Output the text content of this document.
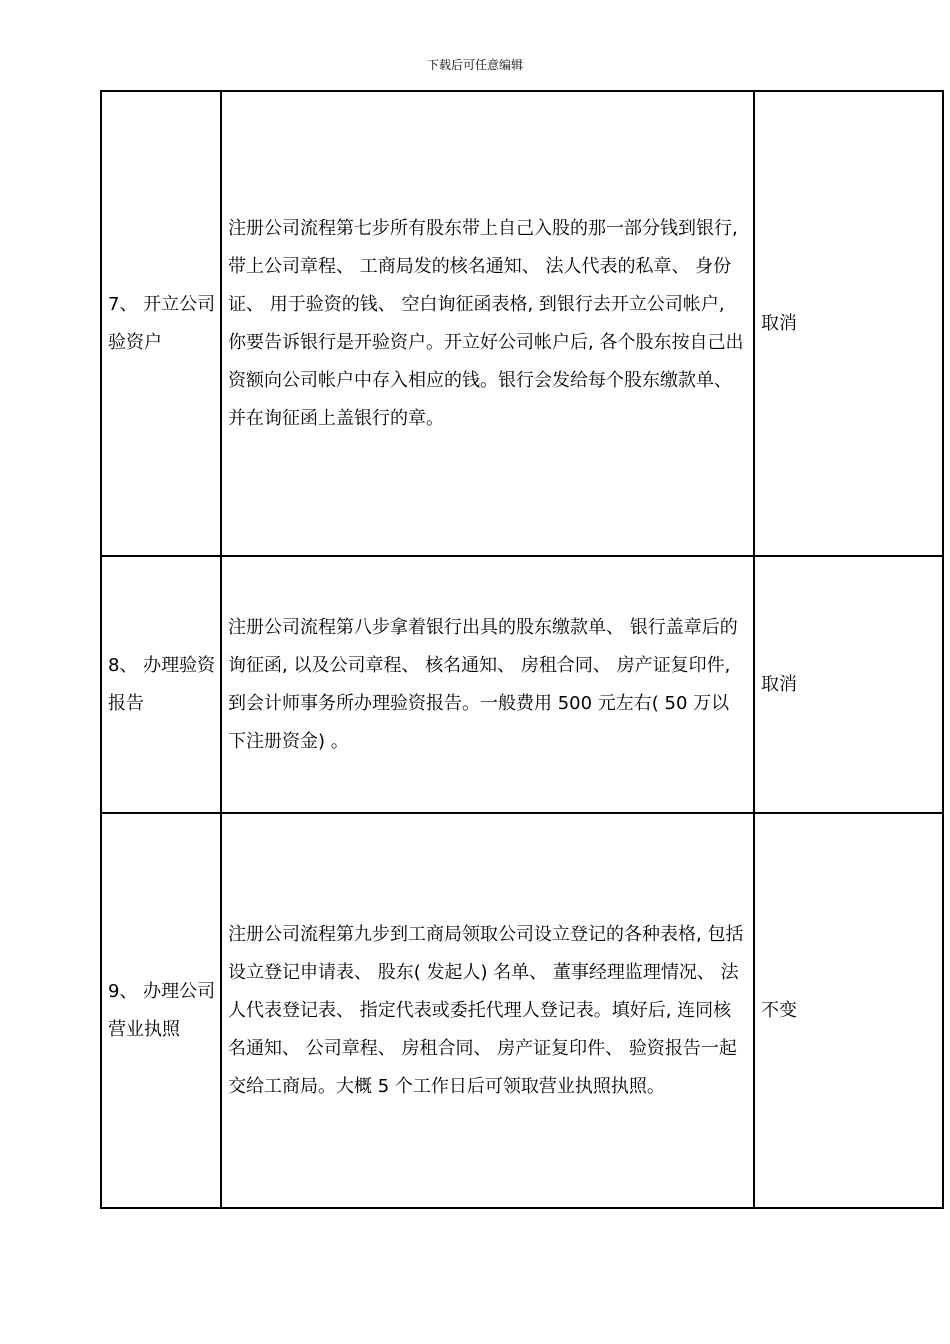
下载后可任意编辑
7、 开立公司验资户	注册公司流程第七步所有股东带上自己入股的那一部分钱到银行, 带上公司章程、 工商局发的核名通知、 法人代表的私章、 身份证、 用于验资的钱、 空白询征函表格, 到银行去开立公司帐户, 你要告诉银行是开验资户。开立好公司帐户后, 各个股东按自己出资额向公司帐户中存入相应的钱。银行会发给每个股东缴款单、 并在询征函上盖银行的章。	取消
8、 办理验资报告	注册公司流程第八步拿着银行出具的股东缴款单、 银行盖章后的询征函, 以及公司章程、 核名通知、 房租合同、 房产证复印件, 到会计师事务所办理验资报告。一般费用 500 元左右( 50 万以下注册资金) 。	取消
9、 办理公司营业执照	注册公司流程第九步到工商局领取公司设立登记的各种表格, 包括设立登记申请表、 股东( 发起人) 名单、 董事经理监理情况、 法人代表登记表、 指定代表或委托代理人登记表。填好后, 连同核名通知、 公司章程、 房租合同、 房产证复印件、 验资报告一起交给工商局。大概 5 个工作日后可领取营业执照执照。	不变
